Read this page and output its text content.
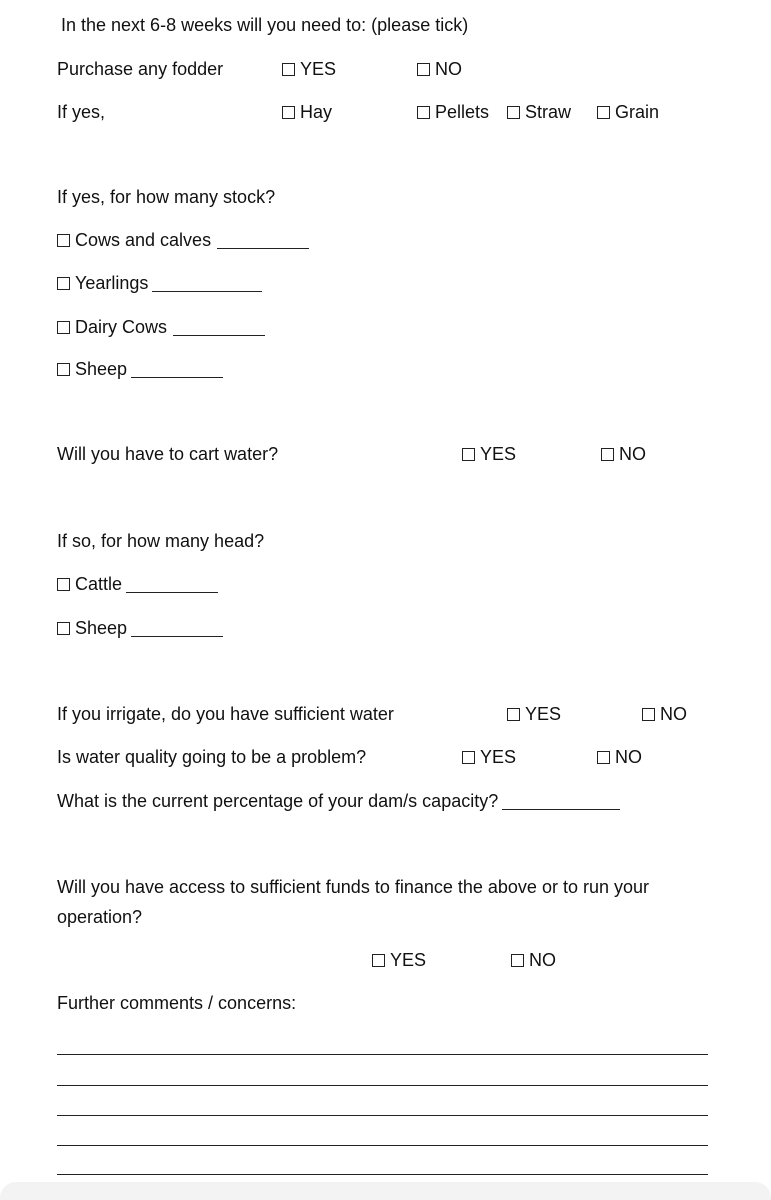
In the next 6-8 weeks will you need to: (please tick)
Purchase any fodder	YES	NO
If yes,	Hay	Pellets Straw Grain
If yes, for how many stock?
Cows and calves
Yearlings
Dairy Cows
Sheep
Will you have to cart water?	YES	NO
If so, for how many head?
Cattle
Sheep
If you irrigate, do you have sufficient water	YES	NO
Is water quality going to be a problem?	YES	NO
What is the current percentage of your dam/s capacity?
Will you have access to sufficient funds to finance the above or to run your
operation?
YES	NO
Further comments / concerns:
